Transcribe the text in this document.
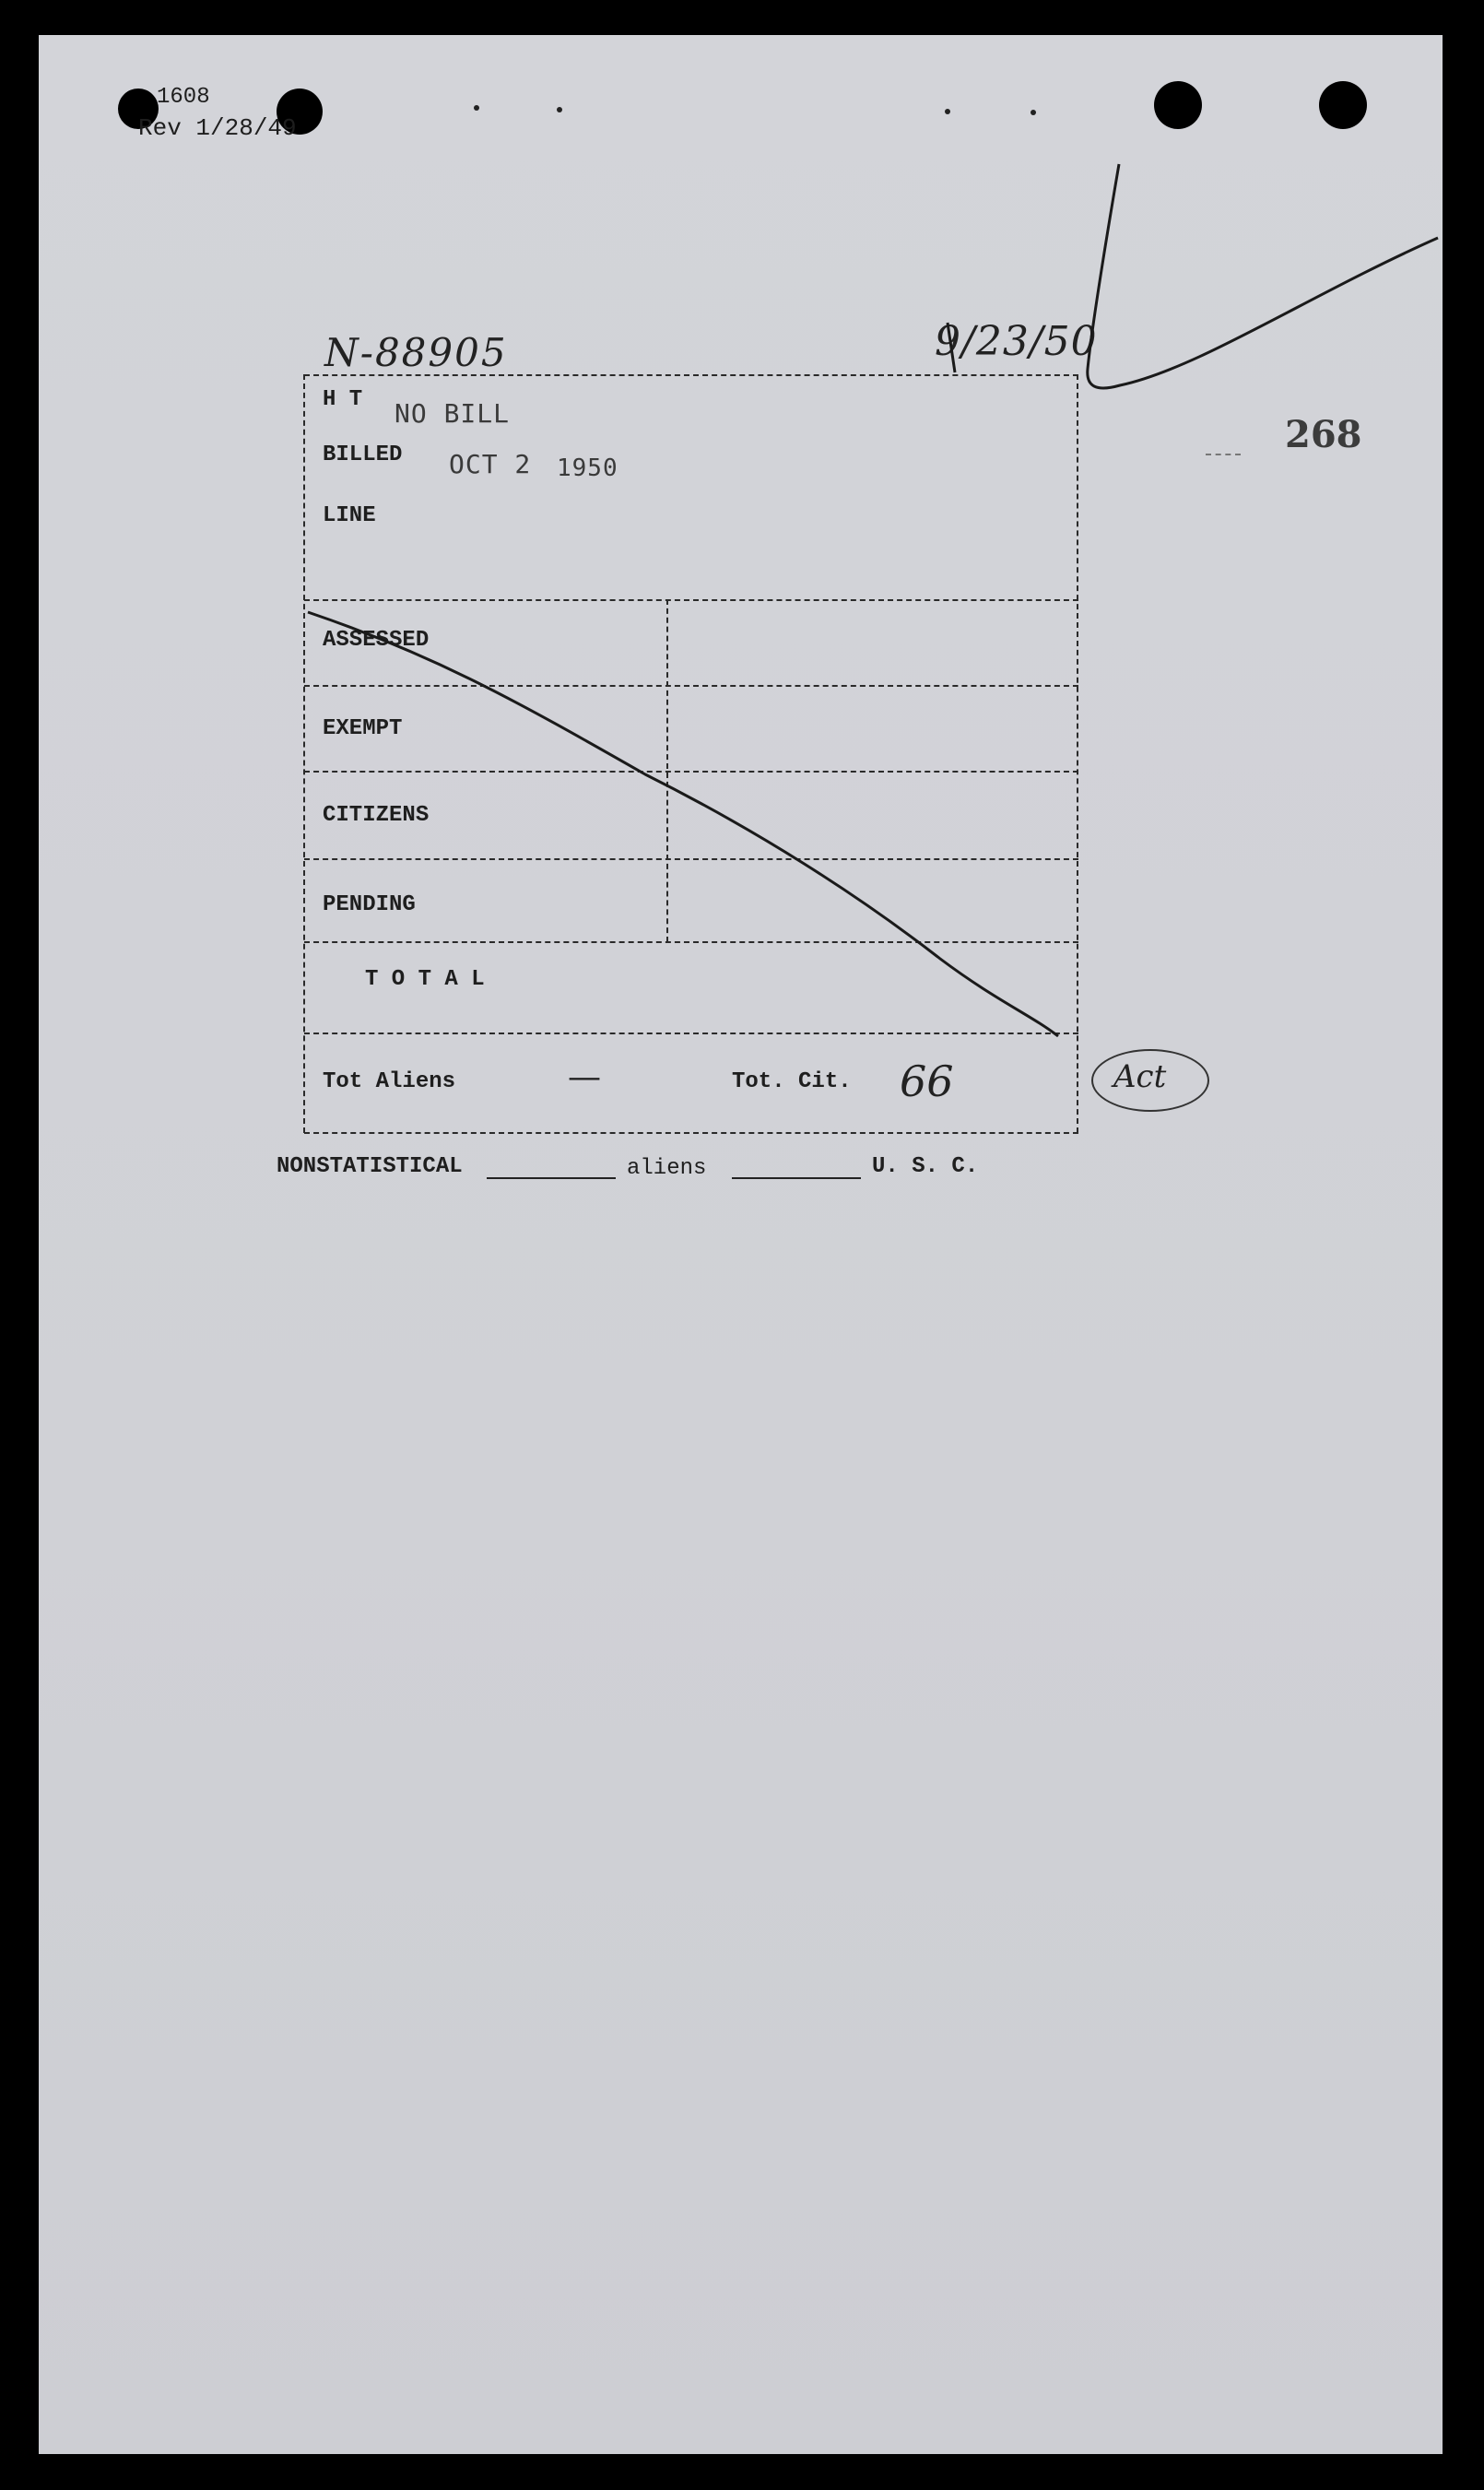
1608
Rev 1/28/49
N-88905	9/23/50
268
H T NO BILL
BILLED OCT 2 1950
LINE
ASSESSED
EXEMPT
CITIZENS
PENDING
T O T A L
Tot Aliens	—	Tot. Cit. 66	Act
NONSTATISTICAL	aliens	U. S. C.
